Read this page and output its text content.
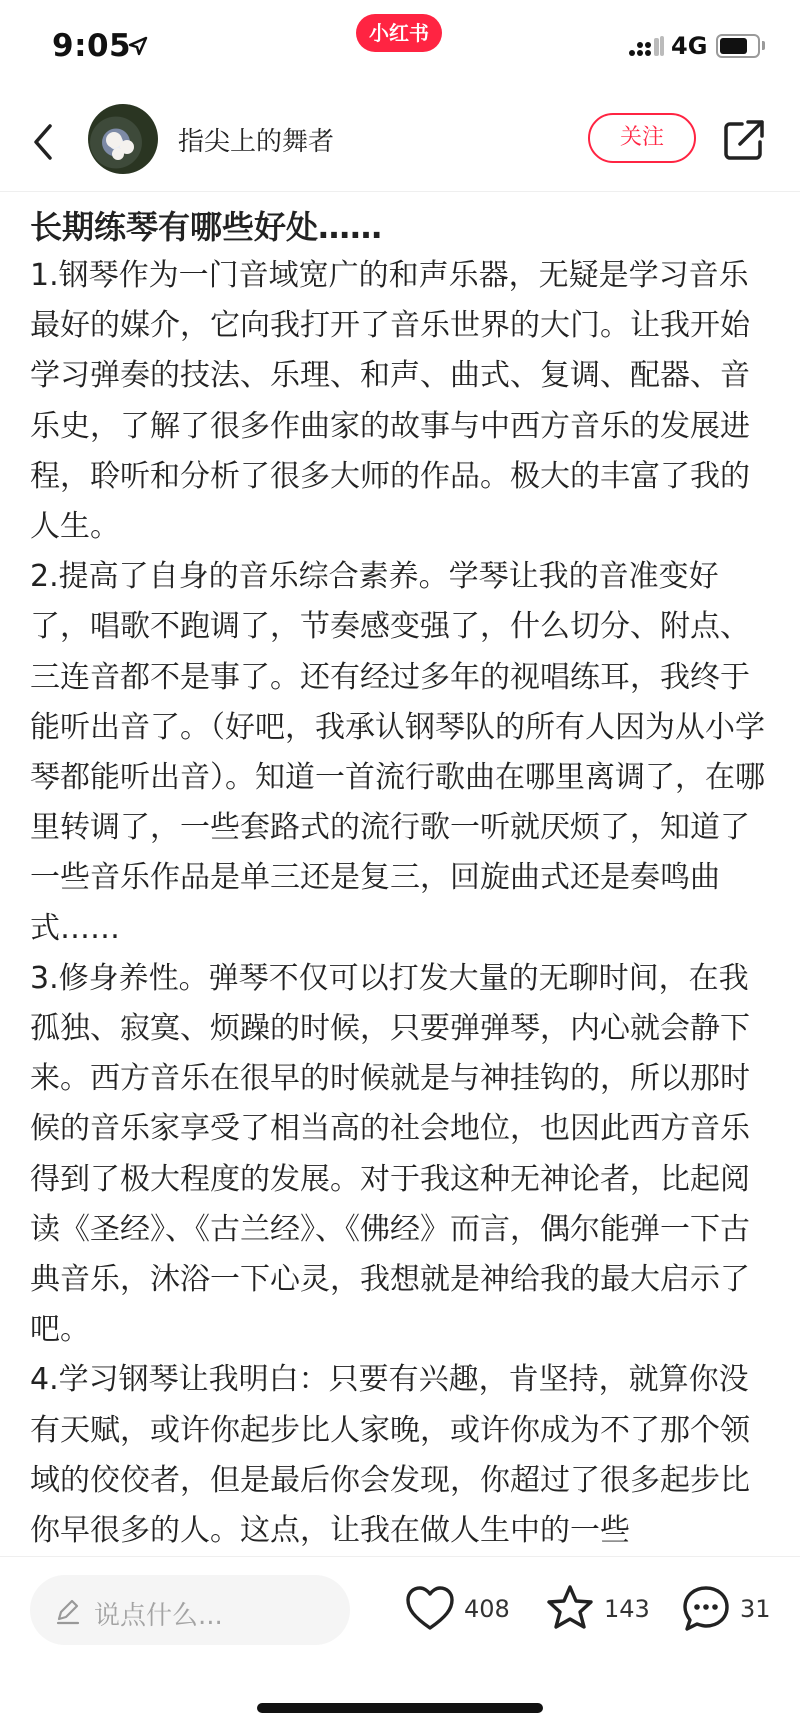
9:05	小红书	4G
指尖上的舞者	关注
长期练琴有哪些好处……

1.钢琴作为一门音域宽广的和声乐器，无疑是学习音乐最好的媒介，它向我打开了音乐世界的大门。让我开始学习弹奏的技法、乐理、和声、曲式、复调、配器、音乐史，了解了很多作曲家的故事与中西方音乐的发展进程，聆听和分析了很多大师的作品。极大的丰富了我的人生。

2.提高了自身的音乐综合素养。学琴让我的音准变好了，唱歌不跑调了，节奏感变强了，什么切分、附点、三连音都不是事了。还有经过多年的视唱练耳，我终于能听出音了。（好吧，我承认钢琴队的所有人因为从小学琴都能听出音）。知道一首流行歌曲在哪里离调了，在哪里转调了，一些套路式的流行歌一听就厌烦了，知道了一些音乐作品是单三还是复三，回旋曲式还是奏鸣曲式……

3.修身养性。弹琴不仅可以打发大量的无聊时间，在我孤独、寂寞、烦躁的时候，只要弹弹琴，内心就会静下来。西方音乐在很早的时候就是与神挂钩的，所以那时候的音乐家享受了相当高的社会地位，也因此西方音乐得到了极大程度的发展。对于我这种无神论者，比起阅读《圣经》、《古兰经》、《佛经》而言，偶尔能弹一下古典音乐，沐浴一下心灵，我想就是神给我的最大启示了吧。

4.学习钢琴让我明白：只要有兴趣，肯坚持，就算你没有天赋，或许你起步比人家晚，或许你成为不了那个领域的佼佼者，但是最后你会发现，你超过了很多起步比你早很多的人。这点，让我在做人生中的一些

说点什么...	408	143	31
